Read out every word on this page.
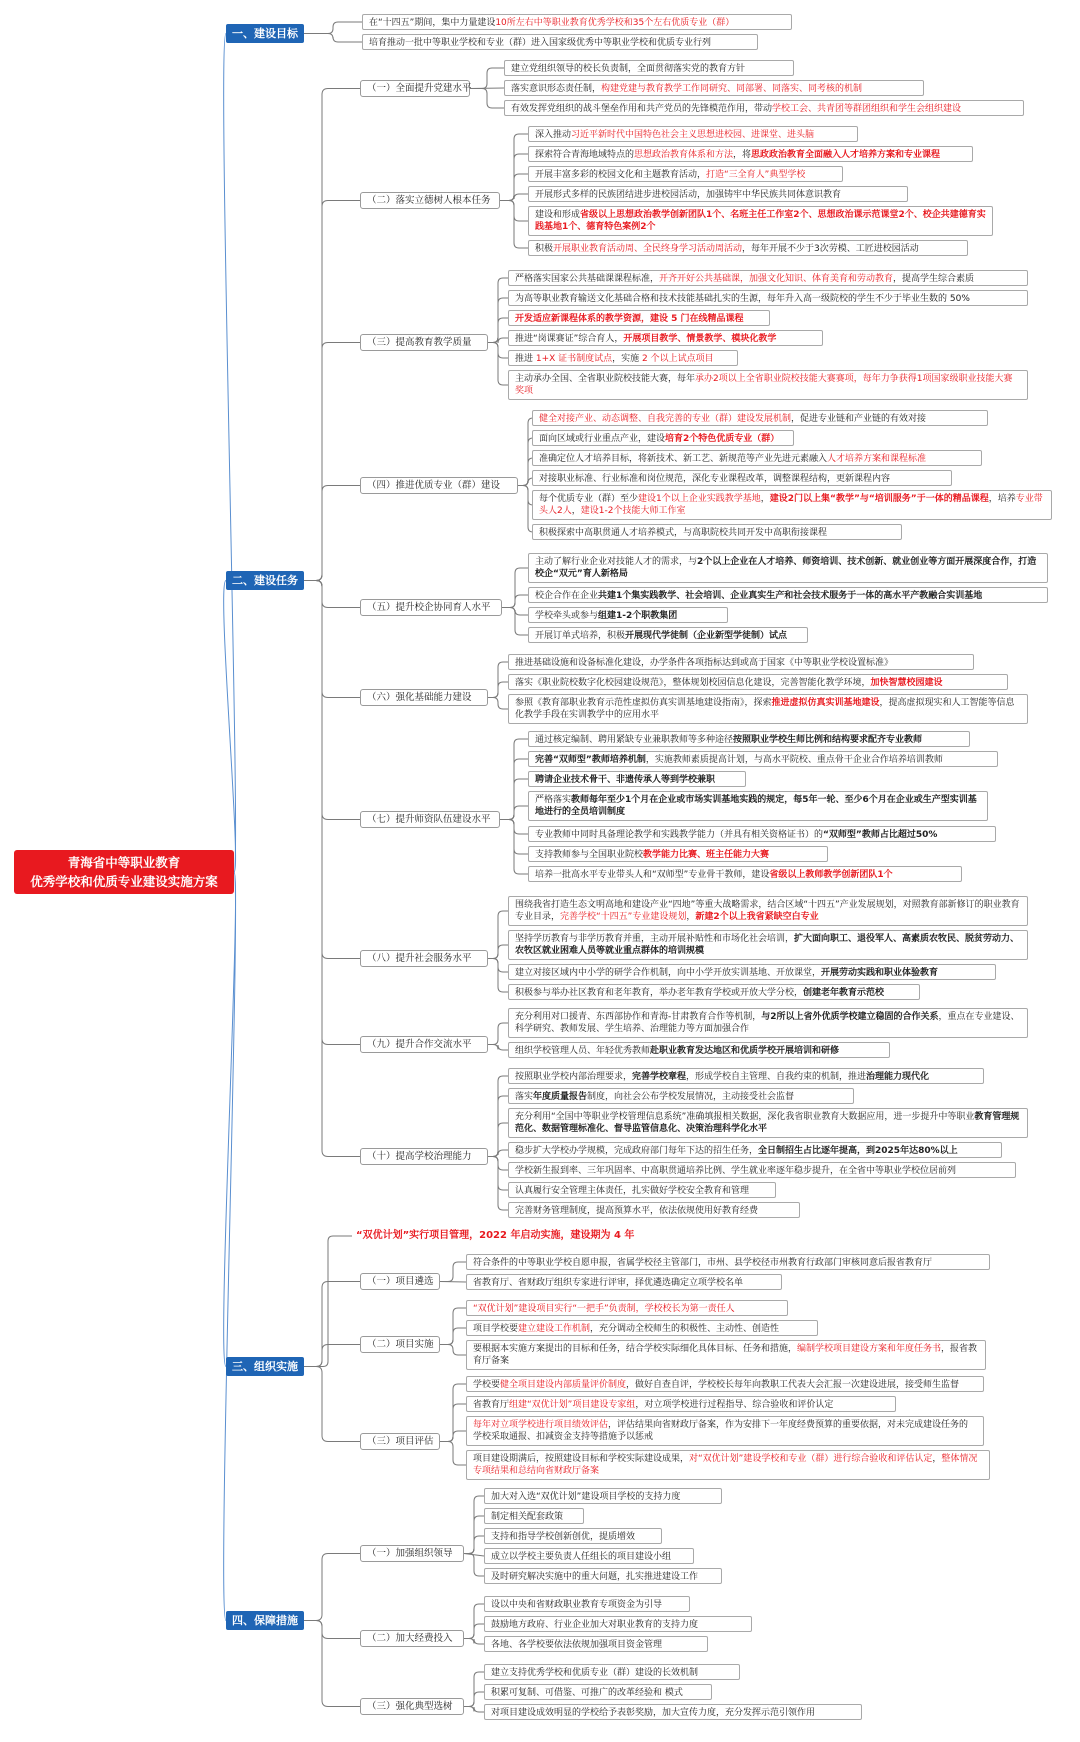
青海省中等职业教育
优秀学校和优质专业建设实施方案
一、建设目标
二、建设任务
三、组织实施
四、保障措施
（一）全面提升党建水平
（二）落实立德树人根本任务
（三）提高教育教学质量
（四）推进优质专业（群）建设
（五）提升校企协同育人水平
（六）强化基础能力建设
（七）提升师资队伍建设水平
（八）提升社会服务水平
（九）提升合作交流水平
（十）提高学校治理能力
（一）项目遴选
（二）项目实施
（三）项目评估
（一）加强组织领导
（二）加大经费投入
（三）强化典型选树
在“十四五”期间，集中力量建设10所左右中等职业教育优秀学校和35个左右优质专业（群）
培育推动一批中等职业学校和专业（群）进入国家级优秀中等职业学校和优质专业行列
建立党组织领导的校长负责制，全面贯彻落实党的教育方针
落实意识形态责任制，构建党建与教育教学工作同研究、同部署、同落实、同考核的机制
有效发挥党组织的战斗堡垒作用和共产党员的先锋模范作用，带动学校工会、共青团等群团组织和学生会组织建设
深入推动习近平新时代中国特色社会主义思想进校园、进课堂、进头脑
探索符合青海地域特点的思想政治教育体系和方法，将思政政治教育全面融入人才培养方案和专业课程
开展丰富多彩的校园文化和主题教育活动，打造“三全育人”典型学校
开展形式多样的民族团结进步进校园活动，加强铸牢中华民族共同体意识教育
建设和形成省级以上思想政治教学创新团队1个、名班主任工作室2个、思想政治课示范课堂2个、校企共建德育实践基地1个、德育特色案例2个
积极开展职业教育活动周、全民终身学习活动周活动，每年开展不少于3次劳模、工匠进校园活动
严格落实国家公共基础课课程标准，开齐开好公共基础课，加强文化知识、体育美育和劳动教育，提高学生综合素质
为高等职业教育输送文化基础合格和技术技能基础扎实的生源，每年升入高一级院校的学生不少于毕业生数的 50%
开发适应新课程体系的教学资源，建设 5 门在线精品课程
推进“岗课赛证”综合育人，开展项目教学、情景教学、模块化教学
推进 1+X 证书制度试点，实施 2 个以上试点项目
主动承办全国、全省职业院校技能大赛，每年承办2项以上全省职业院校技能大赛赛项，每年力争获得1项国家级职业技能大赛奖项
健全对接产业、动态调整、自我完善的专业（群）建设发展机制，促进专业链和产业链的有效对接
面向区域或行业重点产业，建设培育2个特色优质专业（群）
准确定位人才培养目标，将新技术、新工艺、新规范等产业先进元素融入人才培养方案和课程标准
对接职业标准、行业标准和岗位规范，深化专业课程改革，调整课程结构，更新课程内容
每个优质专业（群）至少建设1个以上企业实践教学基地，建设2门以上集“教学”与“培训服务”于一体的精品课程，培养专业带头人2人，建设1-2个技能大师工作室
积极探索中高职贯通人才培养模式，与高职院校共同开发中高职衔接课程
主动了解行业企业对技能人才的需求，与2个以上企业在人才培养、师资培训、技术创新、就业创业等方面开展深度合作，打造校企“双元”育人新格局
校企合作在企业共建1个集实践教学、社会培训、企业真实生产和社会技术服务于一体的高水平产教融合实训基地
学校牵头或参与组建1-2个职教集团
开展订单式培养，积极开展现代学徒制（企业新型学徒制）试点
推进基础设施和设备标准化建设，办学条件各项指标达到或高于国家《中等职业学校设置标准》
落实《职业院校数字化校园建设规范》，整体规划校园信息化建设，完善智能化教学环境，加快智慧校园建设
参照《教育部职业教育示范性虚拟仿真实训基地建设指南》，探索推进虚拟仿真实训基地建设，提高虚拟现实和人工智能等信息化教学手段在实训教学中的应用水平
通过核定编制、聘用紧缺专业兼职教师等多种途径按照职业学校生师比例和结构要求配齐专业教师
完善“双师型”教师培养机制，实施教师素质提高计划，与高水平院校、重点骨干企业合作培养培训教师
聘请企业技术骨干、非遗传承人等到学校兼职
严格落实教师每年至少1个月在企业或市场实训基地实践的规定，每5年一轮、至少6个月在企业或生产型实训基地进行的全员培训制度
专业教师中同时具备理论教学和实践教学能力（并具有相关资格证书）的“双师型”教师占比超过50%
支持教师参与全国职业院校教学能力比赛、班主任能力大赛
培养一批高水平专业带头人和“双师型”专业骨干教师，建设省级以上教师教学创新团队1个
围绕我省打造生态文明高地和建设产业“四地”等重大战略需求，结合区域“十四五”产业发展规划，对照教育部新修订的职业教育专业目录，完善学校“十四五”专业建设规划，新建2个以上我省紧缺空白专业
坚持学历教育与非学历教育并重，主动开展补贴性和市场化社会培训，扩大面向职工、退役军人、高素质农牧民、脱贫劳动力、农牧区就业困难人员等就业重点群体的培训规模
建立对接区域内中小学的研学合作机制，向中小学开放实训基地、开放课堂，开展劳动实践和职业体验教育
积极参与举办社区教育和老年教育，举办老年教育学校或开放大学分校，创建老年教育示范校
充分利用对口援青、东西部协作和青海-甘肃教育合作等机制，与2所以上省外优质学校建立稳固的合作关系，重点在专业建设、科学研究、教师发展、学生培养、治理能力等方面加强合作
组织学校管理人员、年轻优秀教师赴职业教育发达地区和优质学校开展培训和研修
按照职业学校内部治理要求，完善学校章程，形成学校自主管理、自我约束的机制，推进治理能力现代化
落实年度质量报告制度，向社会公布学校发展情况，主动接受社会监督
充分利用“全国中等职业学校管理信息系统”准确填报相关数据，深化我省职业教育大数据应用，进一步提升中等职业教育管理规范化、数据管理标准化、督导监管信息化、决策治理科学化水平
稳步扩大学校办学规模，完成政府部门每年下达的招生任务，全日制招生占比逐年提高，到2025年达80%以上
学校新生报到率、三年巩固率、中高职贯通培养比例、学生就业率逐年稳步提升，在全省中等职业学校位居前列
认真履行安全管理主体责任，扎实做好学校安全教育和管理
完善财务管理制度，提高预算水平，依法依规使用好教育经费
“双优计划”实行项目管理，2022 年启动实施，建设期为 4 年
符合条件的中等职业学校自愿申报，省属学校径主管部门，市州、县学校径市州教育行政部门审核同意后报省教育厅
省教育厅、省财政厅组织专家进行评审，择优遴选确定立项学校名单
“双优计划”建设项目实行“一把手”负责制，学校校长为第一责任人
项目学校要建立建设工作机制，充分调动全校师生的积极性、主动性、创造性
要根据本实施方案提出的目标和任务，结合学校实际细化具体目标、任务和措施，编制学校项目建设方案和年度任务书，报省教育厅备案
学校要健全项目建设内部质量评价制度，做好自查自评，学校校长每年向教职工代表大会汇报一次建设进展，接受师生监督
省教育厅组建“双优计划”项目建设专家组，对立项学校进行过程指导、综合验收和评价认定
每年对立项学校进行项目绩效评估，评估结果向省财政厅备案，作为安排下一年度经费预算的重要依据，对未完成建设任务的学校采取通报、扣减资金支持等措施予以惩戒
项目建设期满后，按照建设目标和学校实际建设成果，对“双优计划”建设学校和专业（群）进行综合验收和评估认定，整体情况专项结果和总结向省财政厅备案
加大对入选“双优计划”建设项目学校的支持力度
制定相关配套政策
支持和指导学校创新创优，提质增效
成立以学校主要负责人任组长的项目建设小组
及时研究解决实施中的重大问题，扎实推进建设工作
设以中央和省财政职业教育专项资金为引导
鼓励地方政府、行业企业加大对职业教育的支持力度
各地、各学校要依法依规加强项目资金管理
建立支持优秀学校和优质专业（群）建设的长效机制
积累可复制、可借鉴、可推广的改革经验和 模式
对项目建设成效明显的学校给予表彰奖励，加大宣传力度，充分发挥示范引领作用
